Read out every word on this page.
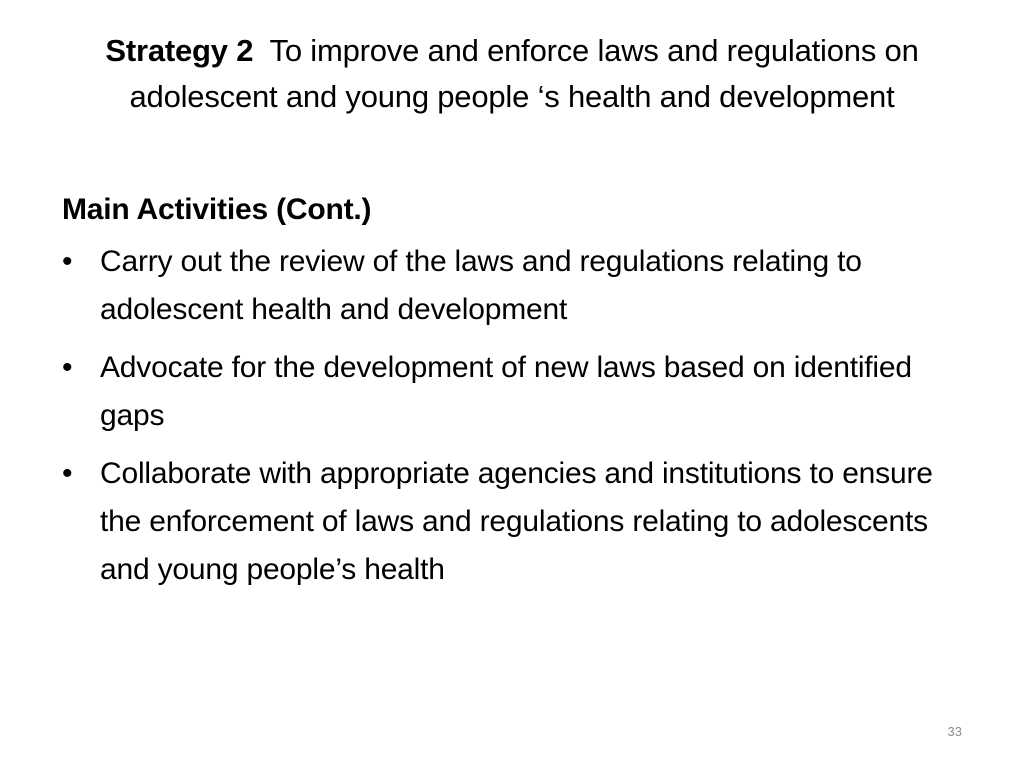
Strategy 2 To improve and enforce laws and regulations on adolescent and young people ‘s health and development
Main Activities (Cont.)
• Carry out the review of the laws and regulations relating to adolescent health and development
• Advocate for the development of new laws based on identified gaps
• Collaborate with appropriate agencies and institutions to ensure the enforcement of laws and regulations relating to adolescents and young people’s health
33
